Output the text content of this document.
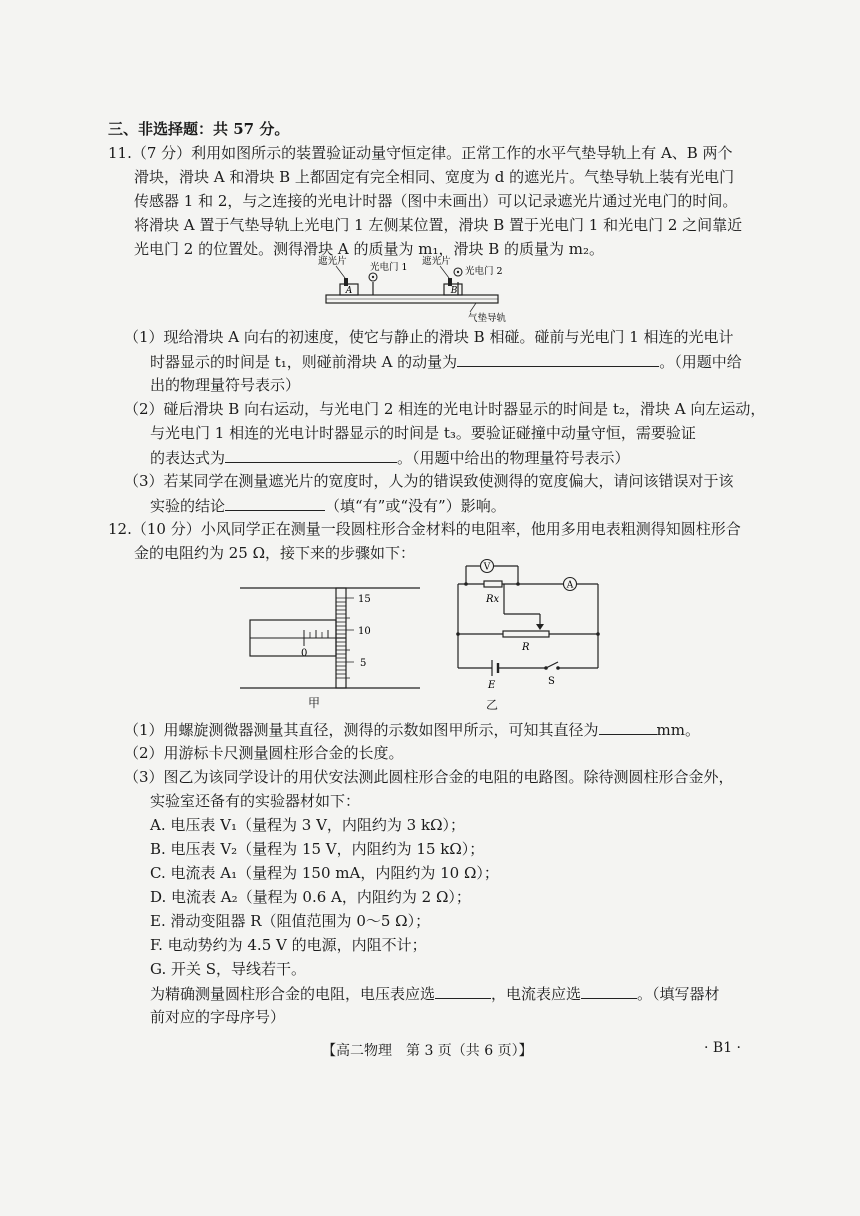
三、非选择题：共 57 分。
11.（7 分）利用如图所示的装置验证动量守恒定律。正常工作的水平气垫导轨上有 A、B 两个
滑块，滑块 A 和滑块 B 上都固定有完全相同、宽度为 d 的遮光片。气垫导轨上装有光电门
传感器 1 和 2，与之连接的光电计时器（图中未画出）可以记录遮光片通过光电门的时间。
将滑块 A 置于气垫导轨上光电门 1 左侧某位置，滑块 B 置于光电门 1 和光电门 2 之间靠近
光电门 2 的位置处。测得滑块 A 的质量为 m₁，滑块 B 的质量为 m₂。
A	B
遮光片
光电门 1
遮光片
光电门 2
气垫导轨
（1）现给滑块 A 向右的初速度，使它与静止的滑块 B 相碰。碰前与光电门 1 相连的光电计
时器显示的时间是 t₁，则碰前滑块 A 的动量为	。（用题中给
出的物理量符号表示）
（2）碰后滑块 B 向右运动，与光电门 2 相连的光电计时器显示的时间是 t₂，滑块 A 向左运动，
与光电门 1 相连的光电计时器显示的时间是 t₃。要验证碰撞中动量守恒，需要验证
的表达式为	。（用题中给出的物理量符号表示）
（3）若某同学在测量遮光片的宽度时，人为的错误致使测得的宽度偏大，请问该错误对于该
实验的结论	（填“有”或“没有”）影响。
12.（10 分）小风同学正在测量一段圆柱形合金材料的电阻率，他用多用电表粗测得知圆柱形合
金的电阻约为 25 Ω，接下来的步骤如下：
0
15
10
5
甲
V
A
Rx
R
E	S
乙
（1）用螺旋测微器测量其直径，测得的示数如图甲所示，可知其直径为	mm。
（2）用游标卡尺测量圆柱形合金的长度。
（3）图乙为该同学设计的用伏安法测此圆柱形合金的电阻的电路图。除待测圆柱形合金外，
实验室还备有的实验器材如下：
A. 电压表 V₁（量程为 3 V，内阻约为 3 kΩ）；
B. 电压表 V₂（量程为 15 V，内阻约为 15 kΩ）；
C. 电流表 A₁（量程为 150 mA，内阻约为 10 Ω）；
D. 电流表 A₂（量程为 0.6 A，内阻约为 2 Ω）；
E. 滑动变阻器 R（阻值范围为 0～5 Ω）；
F. 电动势约为 4.5 V 的电源，内阻不计；
G. 开关 S，导线若干。
为精确测量圆柱形合金的电阻，电压表应选	，电流表应选	。（填写器材
前对应的字母序号）
【高二物理　第 3 页（共 6 页）】	· B1 ·
